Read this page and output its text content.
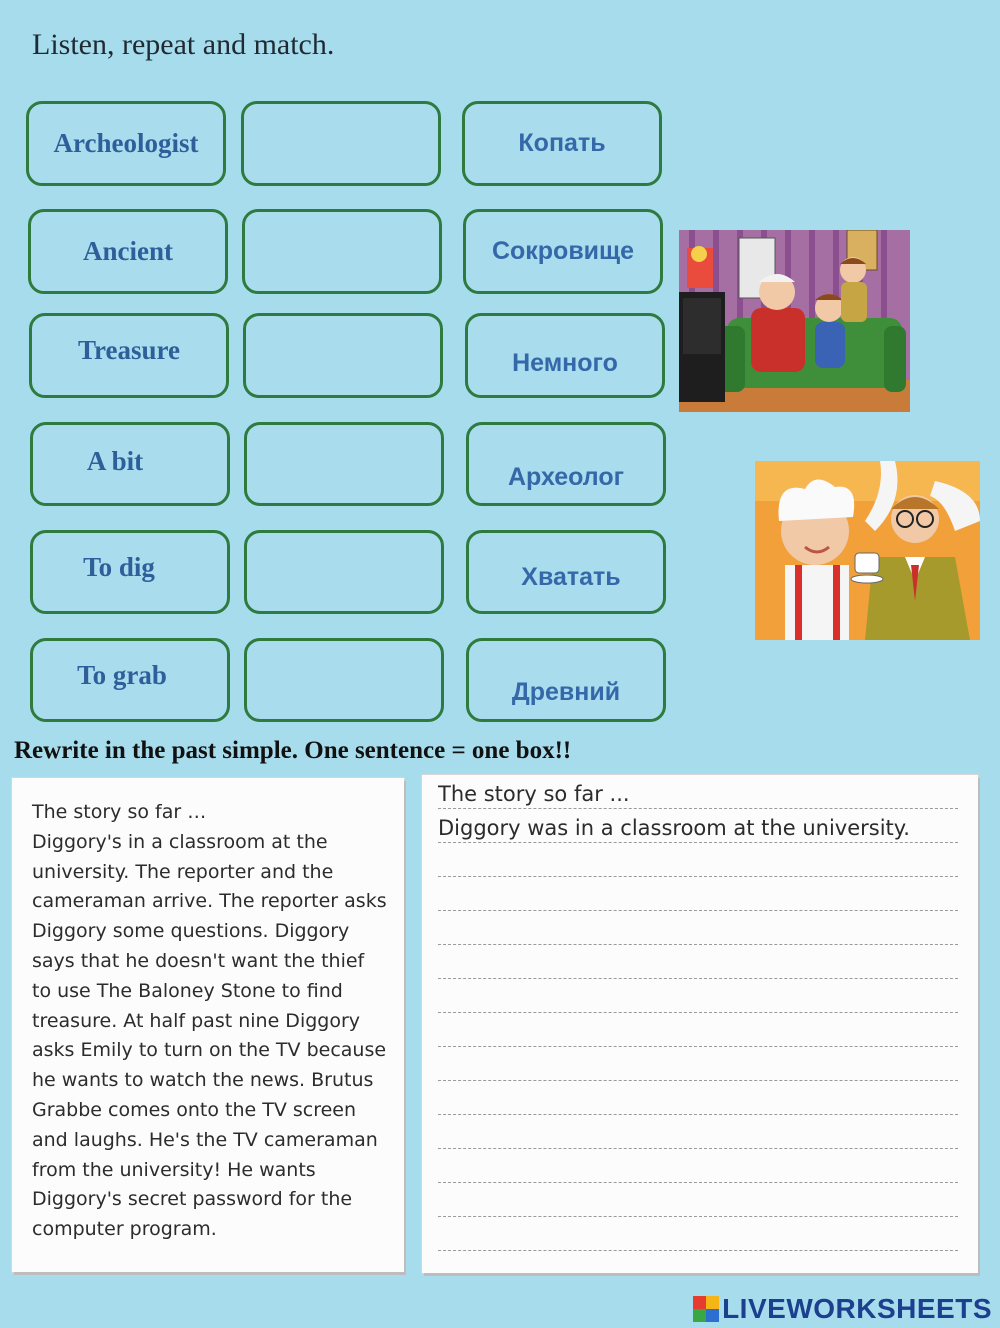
Listen, repeat and match.
Archeologist
Ancient
Treasure
A bit
To dig
To grab
Копать
Сокровище
Немного
Археолог
Хватать
Древний
Rewrite in the past simple. One sentence = one box!!
The story so far …
Diggory's in a classroom at the
university. The reporter and the
cameraman arrive. The reporter asks
Diggory some questions. Diggory
says that he doesn't want the thief
to use The Baloney Stone to find
treasure. At half past nine Diggory
asks Emily to turn on the TV because
he wants to watch the news. Brutus
Grabbe comes onto the TV screen
and laughs. He's the TV cameraman
from the university! He wants
Diggory's secret password for the
computer program.
The story so far ...
Diggory was in a classroom at the university.
LIVEWORKSHEETS
